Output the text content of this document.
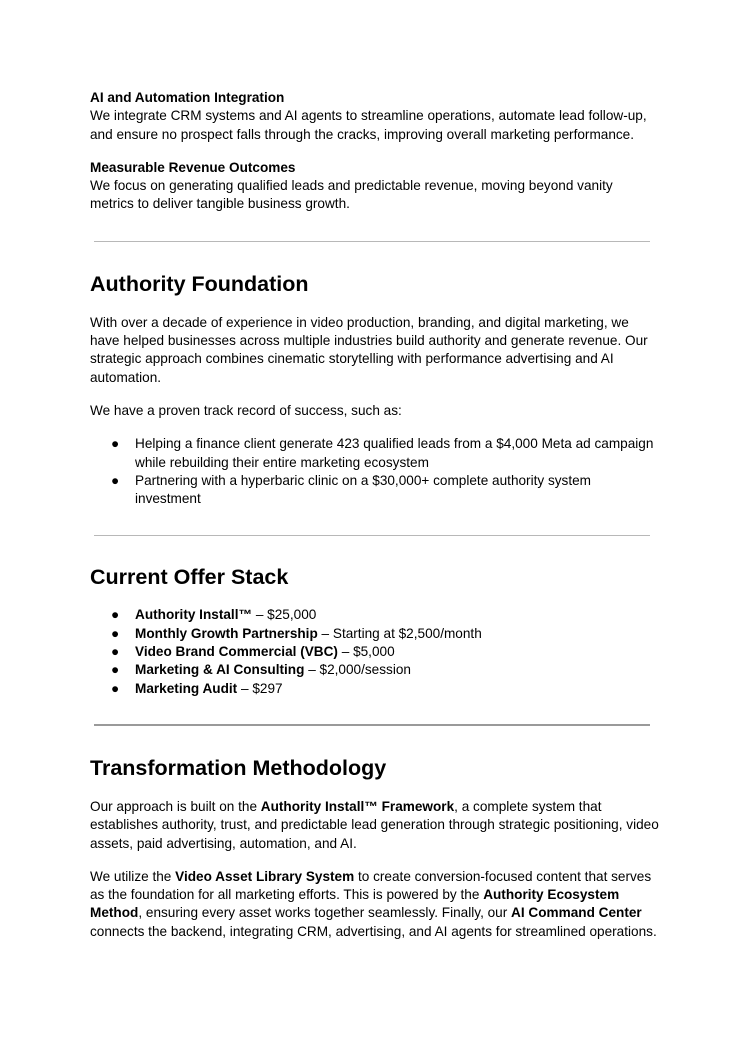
AI and Automation Integration

We integrate CRM systems and AI agents to streamline operations, automate lead follow-up, and ensure no prospect falls through the cracks, improving overall marketing performance.

Measurable Revenue Outcomes

We focus on generating qualified leads and predictable revenue, moving beyond vanity metrics to deliver tangible business growth.

Authority Foundation

With over a decade of experience in video production, branding, and digital marketing, we have helped businesses across multiple industries build authority and generate revenue. Our strategic approach combines cinematic storytelling with performance advertising and AI automation.

We have a proven track record of success, such as:

● Helping a finance client generate 423 qualified leads from a $4,000 Meta ad campaign while rebuilding their entire marketing ecosystem
● Partnering with a hyperbaric clinic on a $30,000+ complete authority system investment
Current Offer Stack
● Authority Install™ – $25,000
● Monthly Growth Partnership – Starting at $2,500/month
● Video Brand Commercial (VBC) – $5,000
● Marketing & AI Consulting – $2,000/session
● Marketing Audit – $297
Transformation Methodology

Our approach is built on the Authority Install™ Framework, a complete system that establishes authority, trust, and predictable lead generation through strategic positioning, video assets, paid advertising, automation, and AI.

We utilize the Video Asset Library System to create conversion-focused content that serves as the foundation for all marketing efforts. This is powered by the Authority Ecosystem Method, ensuring every asset works together seamlessly. Finally, our AI Command Center connects the backend, integrating CRM, advertising, and AI agents for streamlined operations.
